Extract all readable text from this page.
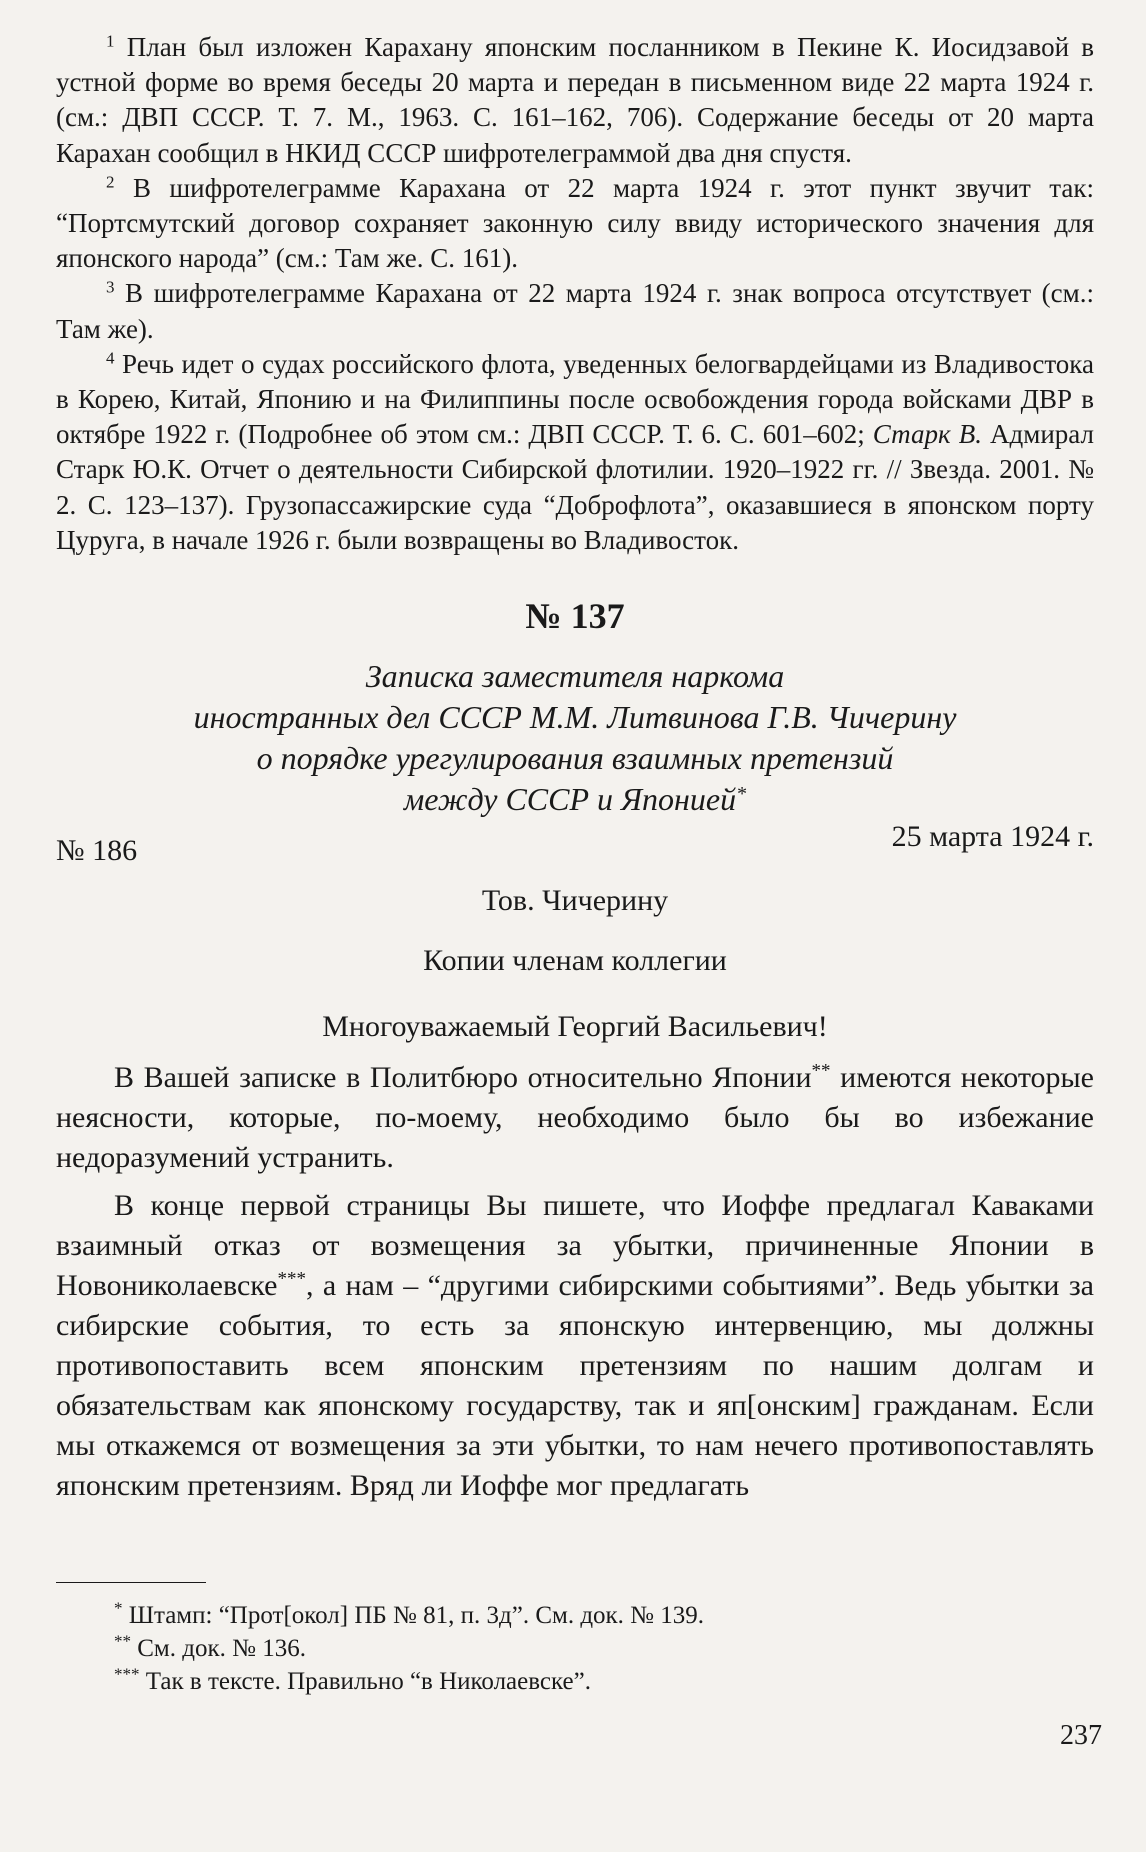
$^1$ План был изложен Карахану японским посланником в Пекине К. Иосидзавой в устной форме во время беседы 20 марта и передан в письменном виде 22 марта 1924 г. (см.: ДВП СССР. Т. 7. М., 1963. С. 161–162, 706). Содержание беседы от 20 марта Карахан сообщил в НКИД СССР шифротелеграммой два дня спустя.

$^2$ В шифротелеграмме Карахана от 22 марта 1924 г. этот пункт звучит так: “Портсмутский договор сохраняет законную силу ввиду исторического значения для японского народа” (см.: Там же. С. 161).

$^3$ В шифротелеграмме Карахана от 22 марта 1924 г. знак вопроса отсутствует (см.: Там же).

$^4$ Речь идет о судах российского флота, уведенных белогвардейцами из Владивостока в Корею, Китай, Японию и на Филиппины после освобождения города войсками ДВР в октябре 1922 г. (Подробнее об этом см.: ДВП СССР. Т. 6. С. 601–602; Старк В. Адмирал Старк Ю.К. Отчет о деятельности Сибирской флотилии. 1920–1922 гг. // Звезда. 2001. № 2. С. 123–137). Грузопассажирские суда “Доброфлота”, оказавшиеся в японском порту Цуруга, в начале 1926 г. были возвращены во Владивосток.

№ 137
Записка заместителя наркома
иностранных дел СССР М.М. Литвинова Г.В. Чичерину
о порядке урегулирования взаимных претензий
между СССР и Японией*
№ 186	25 марта 1924 г.
Тов. Чичерину
Копии членам коллегии
Многоуважаемый Георгий Васильевич!

В Вашей записке в Политбюро относительно Японии** имеются некоторые неясности, которые, по-моему, необходимо было бы во избежание недоразумений устранить.

В конце первой страницы Вы пишете, что Иоффе предлагал Каваками взаимный отказ от возмещения за убытки, причиненные Японии в Новониколаевске***, а нам – “другими сибирскими событиями”. Ведь убытки за сибирские события, то есть за японскую интервенцию, мы должны противопоставить всем японским претензиям по нашим долгам и обязательствам как японскому государству, так и яп[онским] гражданам. Если мы откажемся от возмещения за эти убытки, то нам нечего противопоставлять японским претензиям. Вряд ли Иоффе мог предлагать

* Штамп: “Прот[окол] ПБ № 81, п. 3д”. См. док. № 139.

** См. док. № 136.

*** Так в тексте. Правильно “в Николаевске”.

237
